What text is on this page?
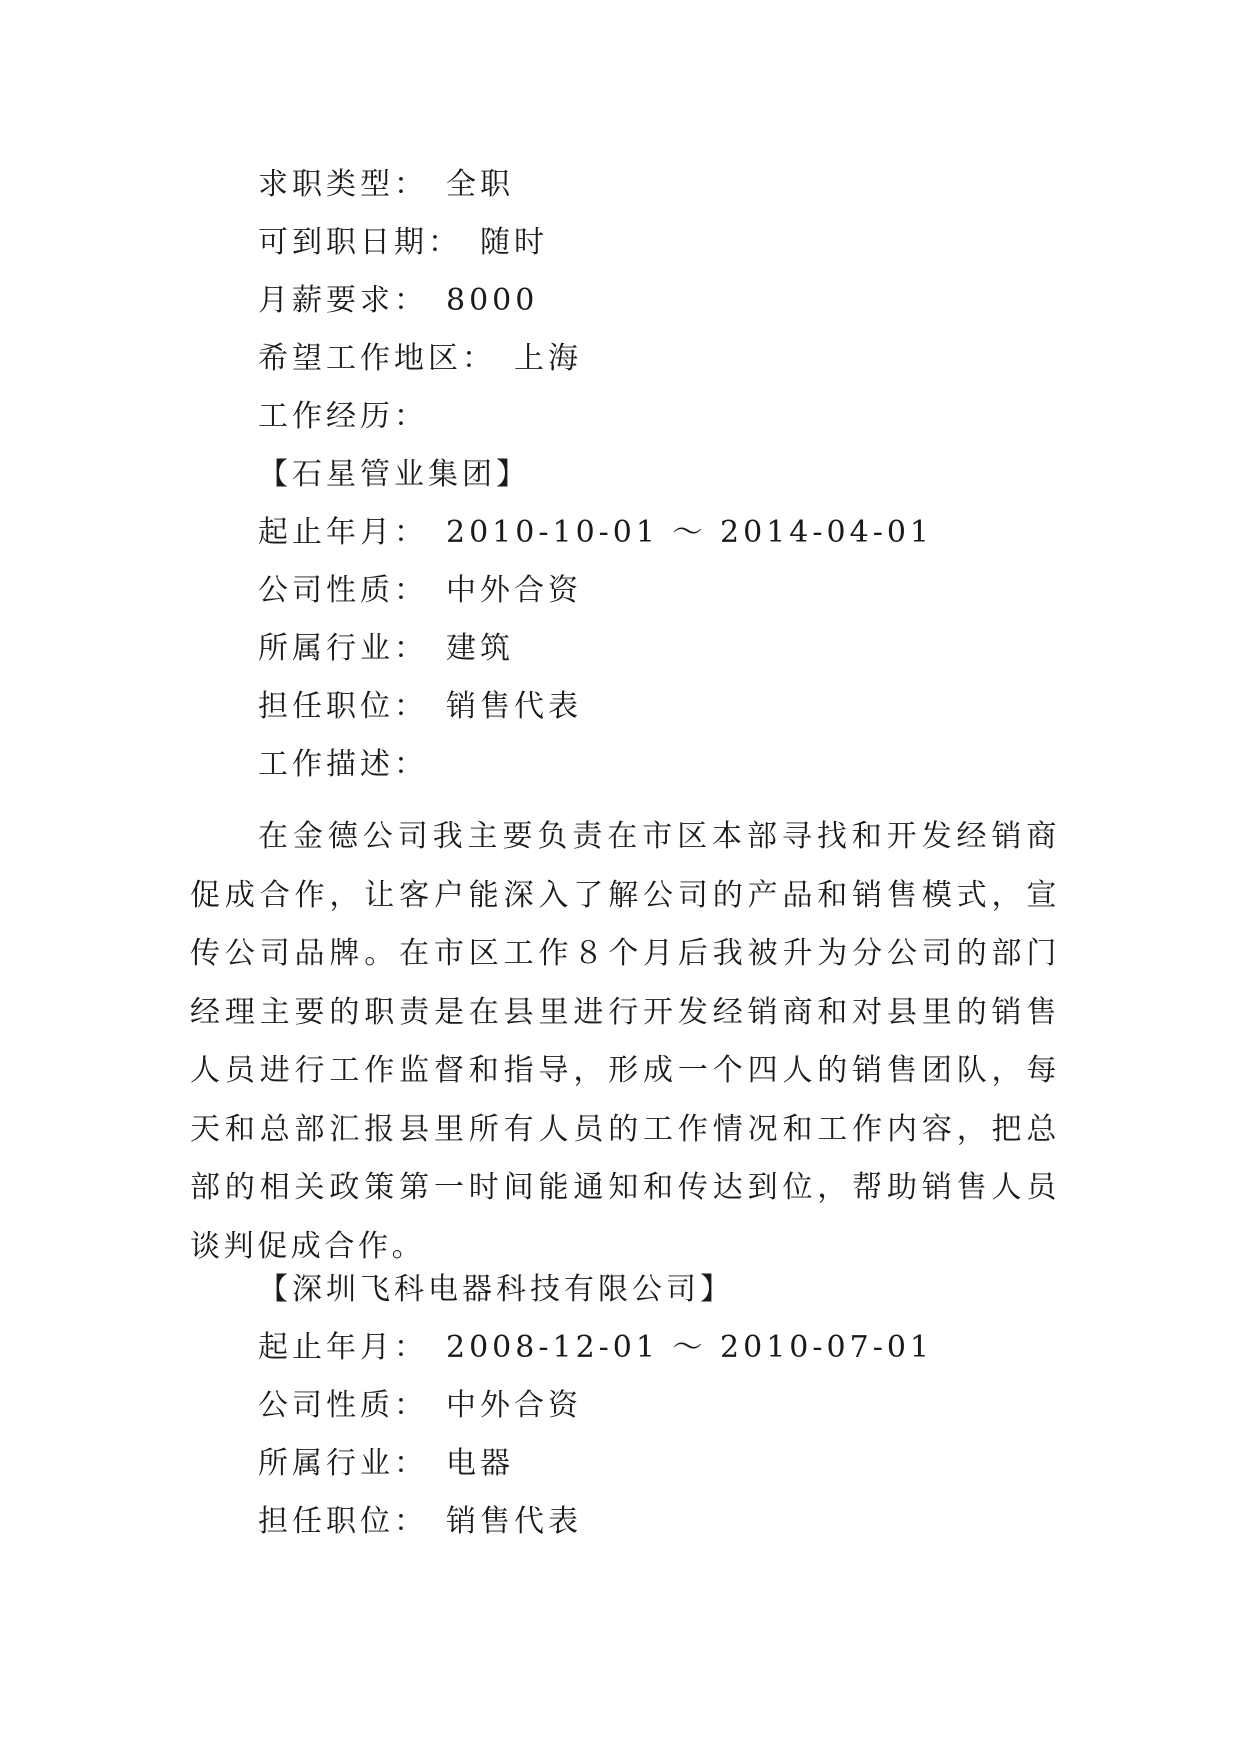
求职类型： 全职
可到职日期： 随时
月薪要求： 8000
希望工作地区： 上海
工作经历：
【石星管业集团】
起止年月： 2010-10-01 ～ 2014-04-01
公司性质： 中外合资
所属行业： 建筑
担任职位： 销售代表
工作描述：

在金德公司我主要负责在市区本部寻找和开发经销商促成合作，让客户能深入了解公司的产品和销售模式，宣传公司品牌。在市区工作８个月后我被升为分公司的部门经理主要的职责是在县里进行开发经销商和对县里的销售人员进行工作监督和指导，形成一个四人的销售团队，每天和总部汇报县里所有人员的工作情况和工作内容，把总部的相关政策第一时间能通知和传达到位，帮助销售人员谈判促成合作。

【深圳飞科电器科技有限公司】
起止年月： 2008-12-01 ～ 2010-07-01
公司性质： 中外合资
所属行业： 电器
担任职位： 销售代表
